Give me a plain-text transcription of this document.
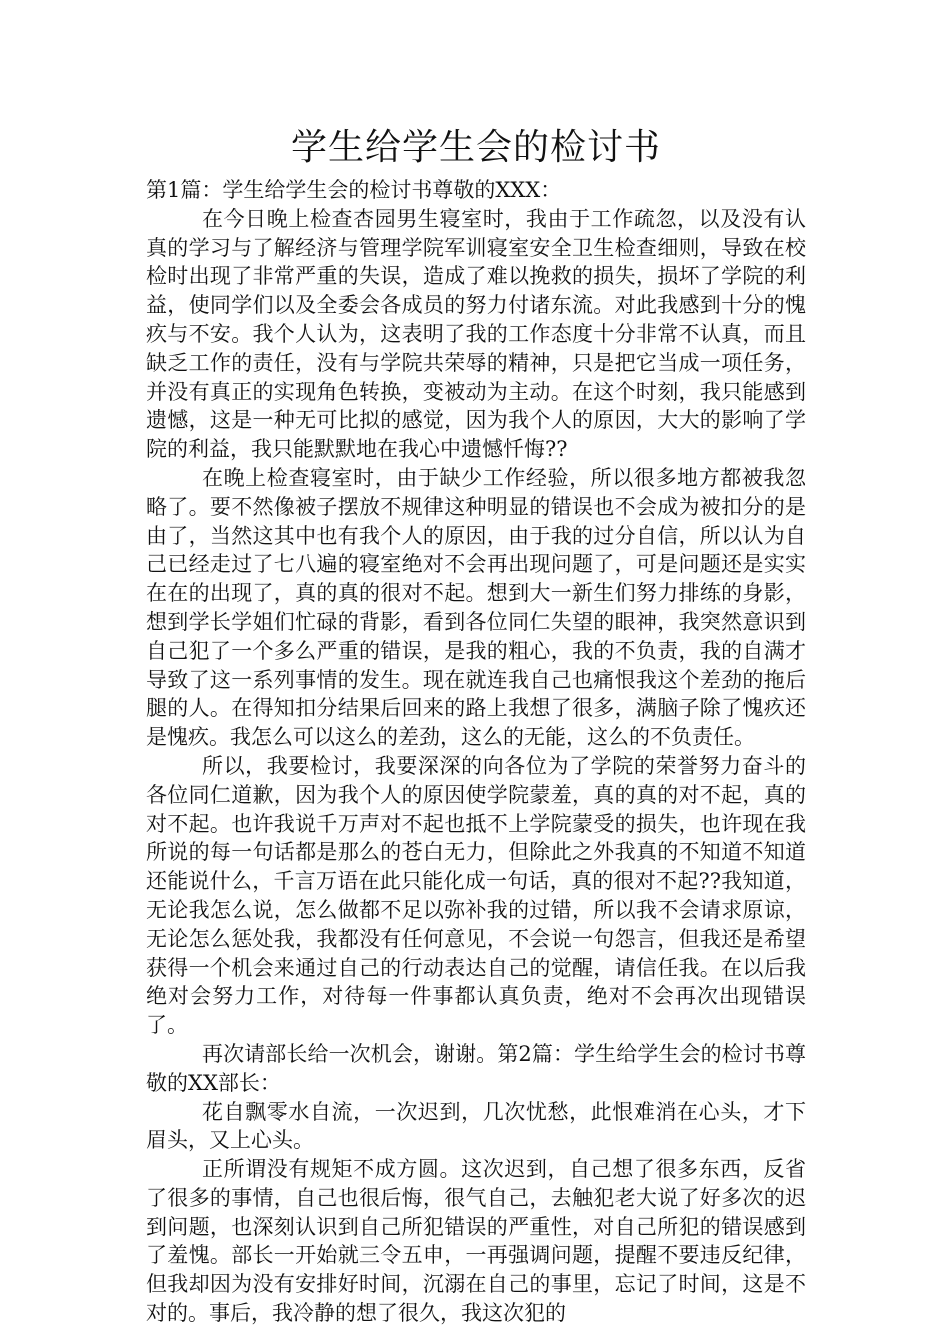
学生给学生会的检讨书

第1篇：学生给学生会的检讨书尊敬的XXX：

在今日晚上检查杏园男生寝室时，我由于工作疏忽，以及没有认真的学习与了解经济与管理学院军训寝室安全卫生检查细则，导致在校检时出现了非常严重的失误，造成了难以挽救的损失，损坏了学院的利益，使同学们以及全委会各成员的努力付诸东流。对此我感到十分的愧疚与不安。我个人认为，这表明了我的工作态度十分非常不认真，而且缺乏工作的责任，没有与学院共荣辱的精神，只是把它当成一项任务，并没有真正的实现角色转换，变被动为主动。在这个时刻，我只能感到遗憾，这是一种无可比拟的感觉，因为我个人的原因，大大的影响了学院的利益，我只能默默地在我心中遗憾忏悔??

在晚上检查寝室时，由于缺少工作经验，所以很多地方都被我忽略了。要不然像被子摆放不规律这种明显的错误也不会成为被扣分的是由了，当然这其中也有我个人的原因，由于我的过分自信，所以认为自己已经走过了七八遍的寝室绝对不会再出现问题了，可是问题还是实实在在的出现了，真的真的很对不起。想到大一新生们努力排练的身影，想到学长学姐们忙碌的背影，看到各位同仁失望的眼神，我突然意识到自己犯了一个多么严重的错误，是我的粗心，我的不负责，我的自满才导致了这一系列事情的发生。现在就连我自己也痛恨我这个差劲的拖后腿的人。在得知扣分结果后回来的路上我想了很多，满脑子除了愧疚还是愧疚。我怎么可以这么的差劲，这么的无能，这么的不负责任。

所以，我要检讨，我要深深的向各位为了学院的荣誉努力奋斗的各位同仁道歉，因为我个人的原因使学院蒙羞，真的真的对不起，真的对不起。也许我说千万声对不起也抵不上学院蒙受的损失，也许现在我所说的每一句话都是那么的苍白无力，但除此之外我真的不知道不知道还能说什么，千言万语在此只能化成一句话，真的很对不起??我知道，无论我怎么说，怎么做都不足以弥补我的过错，所以我不会请求原谅，无论怎么惩处我，我都没有任何意见，不会说一句怨言，但我还是希望获得一个机会来通过自己的行动表达自己的觉醒，请信任我。在以后我绝对会努力工作，对待每一件事都认真负责，绝对不会再次出现错误了。

再次请部长给一次机会，谢谢。第2篇：学生给学生会的检讨书尊敬的XX部长：

花自飘零水自流，一次迟到，几次忧愁，此恨难消在心头，才下眉头，又上心头。

正所谓没有规矩不成方圆。这次迟到，自己想了很多东西，反省了很多的事情，自己也很后悔，很气自己，去触犯老大说了好多次的迟到问题，也深刻认识到自己所犯错误的严重性，对自己所犯的错误感到了羞愧。部长一开始就三令五申，一再强调问题，提醒不要违反纪律，但我却因为没有安排好时间，沉溺在自己的事里，忘记了时间，这是不对的。事后，我冷静的想了很久，我这次犯的
